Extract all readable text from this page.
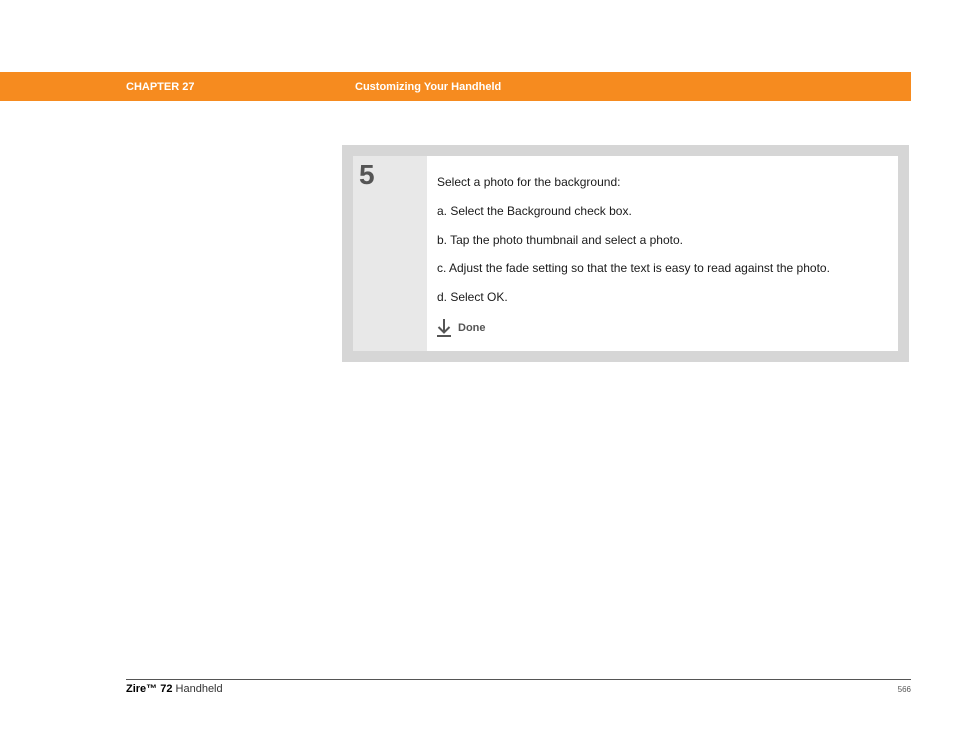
CHAPTER 27	Customizing Your Handheld
5	Select a photo for the background:
a. Select the Background check box.
b. Tap the photo thumbnail and select a photo.
c. Adjust the fade setting so that the text is easy to read against the photo.
d. Select OK.
Done
Zire™ 72 Handheld	566
